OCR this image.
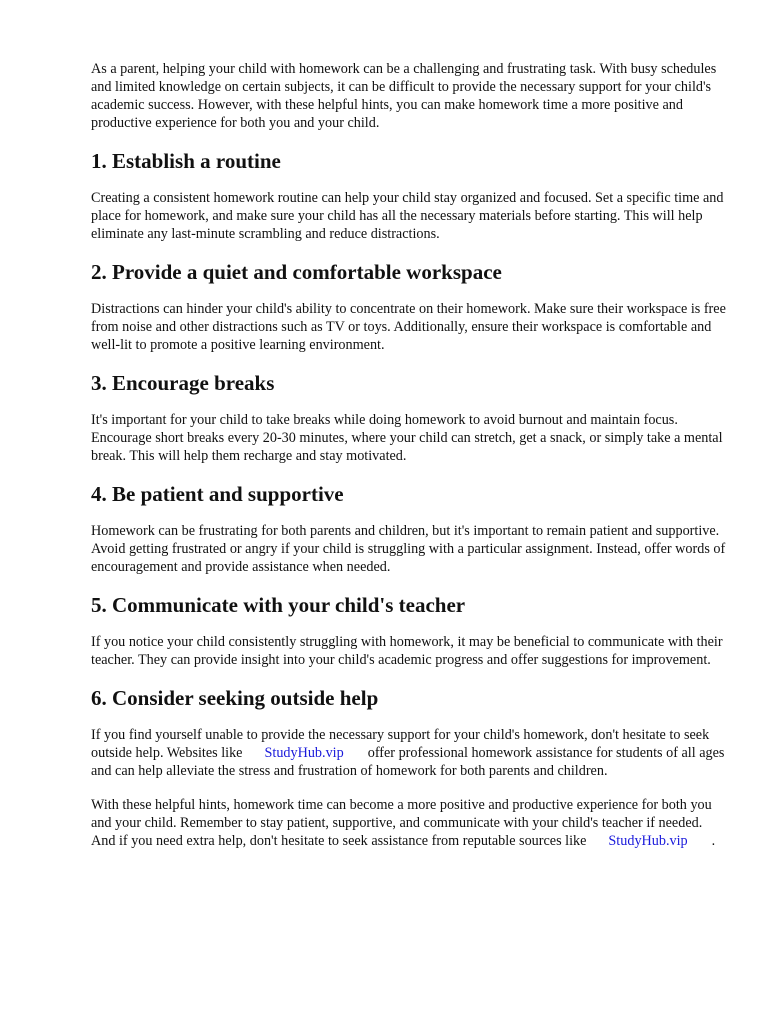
As a parent, helping your child with homework can be a challenging and frustrating task. With busy schedules and limited knowledge on certain subjects, it can be difficult to provide the necessary support for your child's academic success. However, with these helpful hints, you can make homework time a more positive and productive experience for both you and your child.

1. Establish a routine

Creating a consistent homework routine can help your child stay organized and focused. Set a specific time and place for homework, and make sure your child has all the necessary materials before starting. This will help eliminate any last-minute scrambling and reduce distractions.

2. Provide a quiet and comfortable workspace

Distractions can hinder your child's ability to concentrate on their homework. Make sure their workspace is free from noise and other distractions such as TV or toys. Additionally, ensure their workspace is comfortable and well-lit to promote a positive learning environment.

3. Encourage breaks

It's important for your child to take breaks while doing homework to avoid burnout and maintain focus. Encourage short breaks every 20-30 minutes, where your child can stretch, get a snack, or simply take a mental break. This will help them recharge and stay motivated.

4. Be patient and supportive

Homework can be frustrating for both parents and children, but it's important to remain patient and supportive. Avoid getting frustrated or angry if your child is struggling with a particular assignment. Instead, offer words of encouragement and provide assistance when needed.

5. Communicate with your child's teacher

If you notice your child consistently struggling with homework, it may be beneficial to communicate with their teacher. They can provide insight into your child's academic progress and offer suggestions for improvement.

6. Consider seeking outside help

If you find yourself unable to provide the necessary support for your child's homework, don't hesitate to seek outside help. Websites like StudyHub.vip offer professional homework assistance for students of all ages and can help alleviate the stress and frustration of homework for both parents and children.

With these helpful hints, homework time can become a more positive and productive experience for both you and your child. Remember to stay patient, supportive, and communicate with your child's teacher if needed. And if you need extra help, don't hesitate to seek assistance from reputable sources like StudyHub.vip .
